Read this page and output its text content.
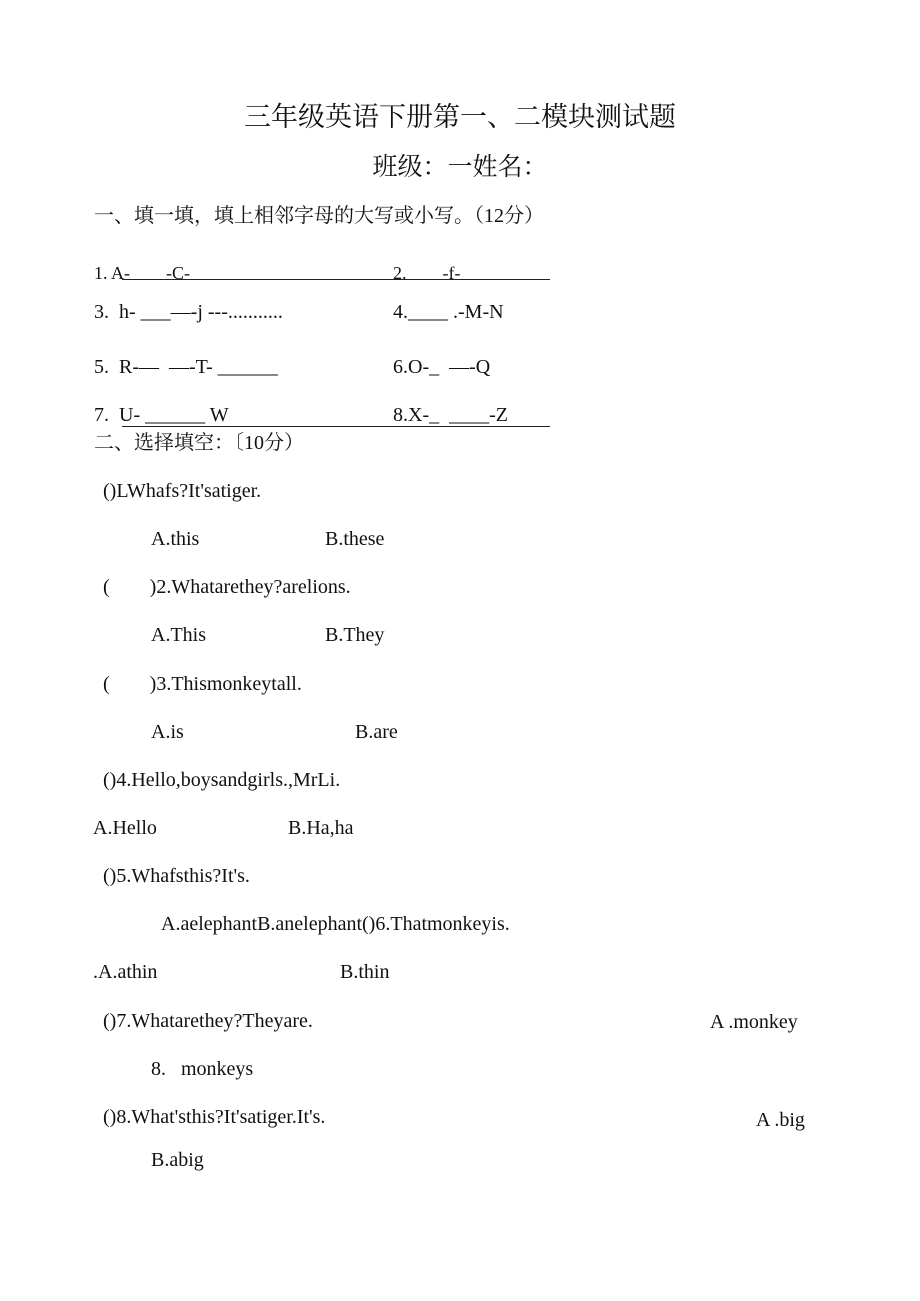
三年级英语下册第一、二模块测试题
班级：一姓名：
一、填一填，填上相邻字母的大写或小写。（12分）
1. A-        -C-	2.        -f-
3.  h- ___—-j ---...........	4.____ .-M-N
5.  R-—  —-T- ______	6.O-_  —-Q
7.  U- ______ W	8.X-_  ____-Z
二、选择填空：〔10分）
()LWhafs?It'satiger.
A.this	B.these
(        )2.Whatarethey?arelions.
A.This	B.They
(        )3.Thismonkeytall.
A.is	B.are
()4.Hello,boysandgirls.,MrLi.
A.Hello	B.Ha,ha
()5.Whafsthis?It's.
A.aelephantB.anelephant()6.Thatmonkeyis.
.A.athin	B.thin
()7.Whatarethey?Theyare.	A .monkey
8.   monkeys
()8.What'sthis?It'satiger.It's.	A .big
B.abig
